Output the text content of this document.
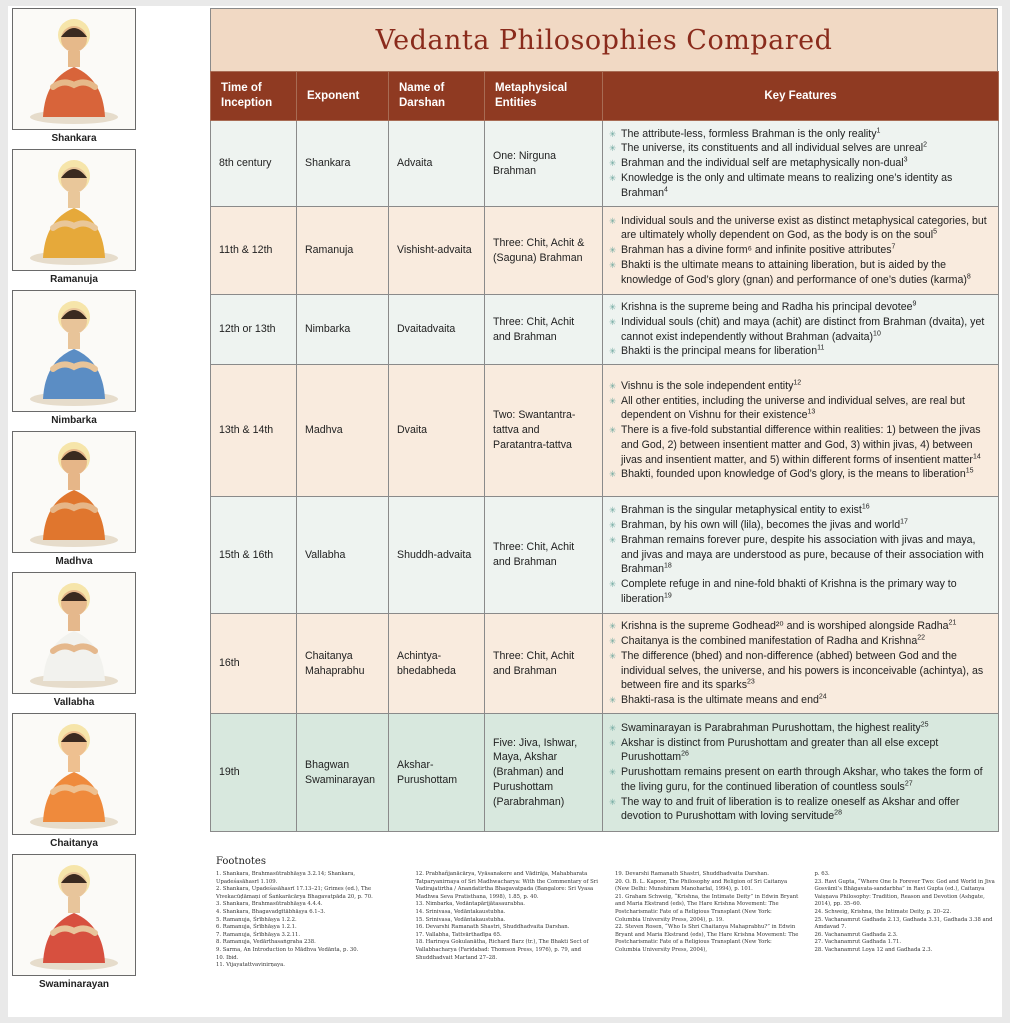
Shankara
Ramanuja
Nimbarka
Madhva
Vallabha
Chaitanya
Swaminarayan
Vedanta Philosophies Compared
Time of Inception	Exponent	Name of Darshan	Metaphysical Entities	Key Features
8th century	Shankara	Advaita	One: Nirguna Brahman	✳ The attribute-less, formless Brahman is the only reality$^1$
✳ The universe, its constituents and all individual selves are unreal$^2$
✳ Brahman and the individual self are metaphysically non-dual$^3$
✳ Knowledge is the only and ultimate means to realizing one’s identity as Brahman$^4$

11th & 12th	Ramanuja	Vishisht-advaita	Three: Chit, Achit & (Saguna) Brahman	✳ Individual souls and the universe exist as distinct metaphysical categories, but are ultimately wholly dependent on God, as the body is on the soul$^5$
✳ Brahman has a divine form⁶ and infinite positive attributes$^7$
✳ Bhakti is the ultimate means to attaining liberation, but is aided by the knowledge of God’s glory (gnan) and performance of one’s duties (karma)$^8$

12th or 13th	Nimbarka	Dvaitadvaita	Three: Chit, Achit and Brahman	✳ Krishna is the supreme being and Radha his principal devotee$^9$
✳ Individual souls (chit) and maya (achit) are distinct from Brahman (dvaita), yet cannot exist independently without Brahman (advaita)$^{10}$
✳ Bhakti is the principal means for liberation$^{11}$

13th & 14th	Madhva	Dvaita	Two: Swantantra-tattva and Paratantra-tattva	✳ Vishnu is the sole independent entity$^{12}$
✳ All other entities, including the universe and individual selves, are real but dependent on Vishnu for their existence$^{13}$
✳ There is a five-fold substantial difference within realities: 1) between the jivas and God, 2) between insentient matter and God, 3) within jivas, 4) between jivas and insentient matter, and 5) within different forms of insentient matter$^{14}$
✳ Bhakti, founded upon knowledge of God’s glory, is the means to liberation$^{15}$

15th & 16th	Vallabha	Shuddh-advaita	Three: Chit, Achit and Brahman	✳ Brahman is the singular metaphysical entity to exist$^{16}$
✳ Brahman, by his own will (lila), becomes the jivas and world$^{17}$
✳ Brahman remains forever pure, despite his association with jivas and maya, and jivas and maya are understood as pure, because of their association with Brahman$^{18}$
✳ Complete refuge in and nine-fold bhakti of Krishna is the primary way to liberation$^{19}$

16th	Chaitanya Mahaprabhu	Achintya-bhedabheda	Three: Chit, Achit and Brahman	✳ Krishna is the supreme Godhead²⁰ and is worshiped alongside Radha$^{21}$
✳ Chaitanya is the combined manifestation of Radha and Krishna$^{22}$
✳ The difference (bhed) and non-difference (abhed) between God and the individual selves, the universe, and his powers is inconceivable (achintya), as between fire and its sparks$^{23}$
✳ Bhakti-rasa is the ultimate means and end$^{24}$

19th	Bhagwan Swaminarayan	Akshar-Purushottam	Five: Jiva, Ishwar, Maya, Akshar (Brahman) and Purushottam (Parabrahman)	✳ Swaminarayan is Parabrahman Purushottam, the highest reality$^{25}$
✳ Akshar is distinct from Purushottam and greater than all else except Purushottam$^{26}$
✳ Purushottam remains present on earth through Akshar, who takes the form of the living guru, for the continued liberation of countless souls$^{27}$
✳ The way to and fruit of liberation is to realize oneself as Akshar and offer devotion to Purushottam with loving servitude$^{28}$
Footnotes
1. Shankara, Brahmasūtrabhāṣya 3.2.14; Shankara, Upadeśasāhasrī 1.109.
2. Shankara, Upadeśasāhasrī 17.13–21; Grimes (ed.), The Vivekacūḍāmaṇi of Śaṅkarācārya Bhagavatpāda 20, p. 70.
3. Shankara, Brahmasūtrabhāṣya 4.4.4.
4. Shankara, Bhagavadgītābhāṣya 6.1–3.
5. Ramanuja, Śrībhāṣya 1.2.2.
6. Ramanuja, Śrībhāṣya 1.2.1.
7. Ramanuja, Śrībhāṣya 3.2.11.
8. Ramanuja, Vedārthasaṅgraha 238.
9. Sarma, An Introduction to Mādhva Vedānta, p. 30.
10. Ibid.
11. Vijayatattvavinirṇaya.
12. Prabhañjanācārya, Vyāsanakere and Vādirāja, Mahabharata Tatparyanirnaya of Sri Madhwacharya: With the Commentary of Sri Vadirajatirtha / Anandatirtha Bhagavatpada (Bangalore: Sri Vyasa Madhwa Seva Pratisthana, 1998), 1.85, p. 40.
13. Nimbarka, Vedāntapārijātasaurabha.
14. Srinivasa, Vedāntakaustubha.
15. Srinivasa, Vedāntakaustubha.
16. Devarshi Ramanath Shastri, Shuddhadvaita Darshan.
17. Vallabha, Tattvārthadīpa 65.
18. Hariraya Gokulanātha, Richard Barz (tr.), The Bhakti Sect of Vallabhacharya (Faridabad: Thomson Press, 1976), p. 79, and Shuddhadvait Martand 27–28.
19. Devarshi Ramanath Shastri, Shuddhadvaita Darshan.
20. O. B. L. Kapoor, The Philosophy and Religion of Sri Caitanya (New Delhi: Munshiram Manoharlal, 1994), p. 101.
21. Graham Schweig, “Krishna, the Intimate Deity” in Edwin Bryant and Maria Ekstrand (eds), The Hare Krishna Movement: The Postcharismatic Fate of a Religious Transplant (New York: Columbia University Press, 2004), p. 19.
22. Steven Rosen, “Who Is Shri Chaitanya Mahaprabhu?” in Edwin Bryant and Maria Ekstrand (eds), The Hare Krishna Movement: The Postcharismatic Fate of a Religious Transplant (New York: Columbia University Press, 2004),
p. 63.
23. Ravi Gupta, “Where One Is Forever Two: God and World in Jiva Gosvāmī’s Bhāgavata-sandarbha” in Ravi Gupta (ed.), Caitanya Vaiṣṇava Philosophy: Tradition, Reason and Devotion (Ashgate, 2014), pp. 35–60.
24. Schweig, Krishna, the Intimate Deity, p. 20–22.
25. Vachanamrut Gadhada 2.13, Gadhada 3.31, Gadhada 3.38 and Amdavad 7.
26. Vachanamrut Gadhada 2.3.
27. Vachanamrut Gadhada 1.71.
28. Vachanamrut Loya 12 and Gadhada 2.3.
